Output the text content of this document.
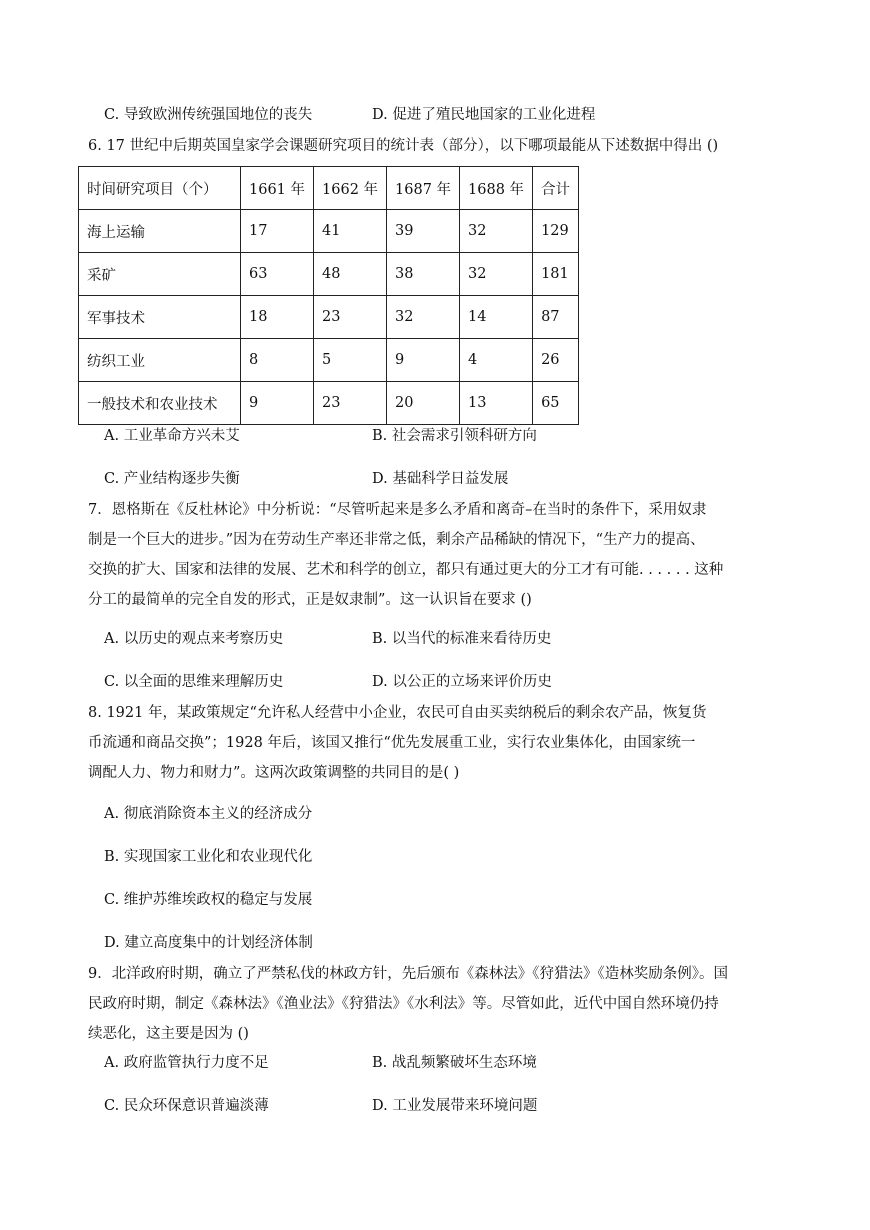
C. 导致欧洲传统强国地位的丧失	D. 促进了殖民地国家的工业化进程
6. 17 世纪中后期英国皇家学会课题研究项目的统计表（部分），以下哪项最能从下述数据中得出 ()
时间研究项目（个）	1661 年	1662 年	1687 年	1688 年	合计
海上运输	17	41	39	32	129
采矿	63	48	38	32	181
军事技术	18	23	32	14	87
纺织工业	8	5	9	4	26
一般技术和农业技术	9	23	20	13	65
A. 工业革命方兴未艾	B. 社会需求引领科研方向
C. 产业结构逐步失衡	D. 基础科学日益发展
7．恩格斯在《反杜林论》中分析说：“尽管听起来是多么矛盾和离奇–在当时的条件下，采用奴隶
制是一个巨大的进步。”因为在劳动生产率还非常之低，剩余产品稀缺的情况下，“生产力的提高、
交换的扩大、国家和法律的发展、艺术和科学的创立，都只有通过更大的分工才有可能. . . . . . 这种
分工的最简单的完全自发的形式，正是奴隶制”。这一认识旨在要求 ()
A. 以历史的观点来考察历史	B. 以当代的标准来看待历史
C. 以全面的思维来理解历史	D. 以公正的立场来评价历史
8. 1921 年，某政策规定“允许私人经营中小企业，农民可自由买卖纳税后的剩余农产品，恢复货
币流通和商品交换”；1928 年后，该国又推行“优先发展重工业，实行农业集体化，由国家统一
调配人力、物力和财力”。这两次政策调整的共同目的是( )
A. 彻底消除资本主义的经济成分
B. 实现国家工业化和农业现代化
C. 维护苏维埃政权的稳定与发展
D. 建立高度集中的计划经济体制
9．北洋政府时期，确立了严禁私伐的林政方针，先后颁布《森林法》《狩猎法》《造林奖励条例》。国
民政府时期，制定《森林法》《渔业法》《狩猎法》《水利法》等。尽管如此，近代中国自然环境仍持
续恶化，这主要是因为 ()
A. 政府监管执行力度不足	B. 战乱频繁破坏生态环境
C. 民众环保意识普遍淡薄	D. 工业发展带来环境问题
